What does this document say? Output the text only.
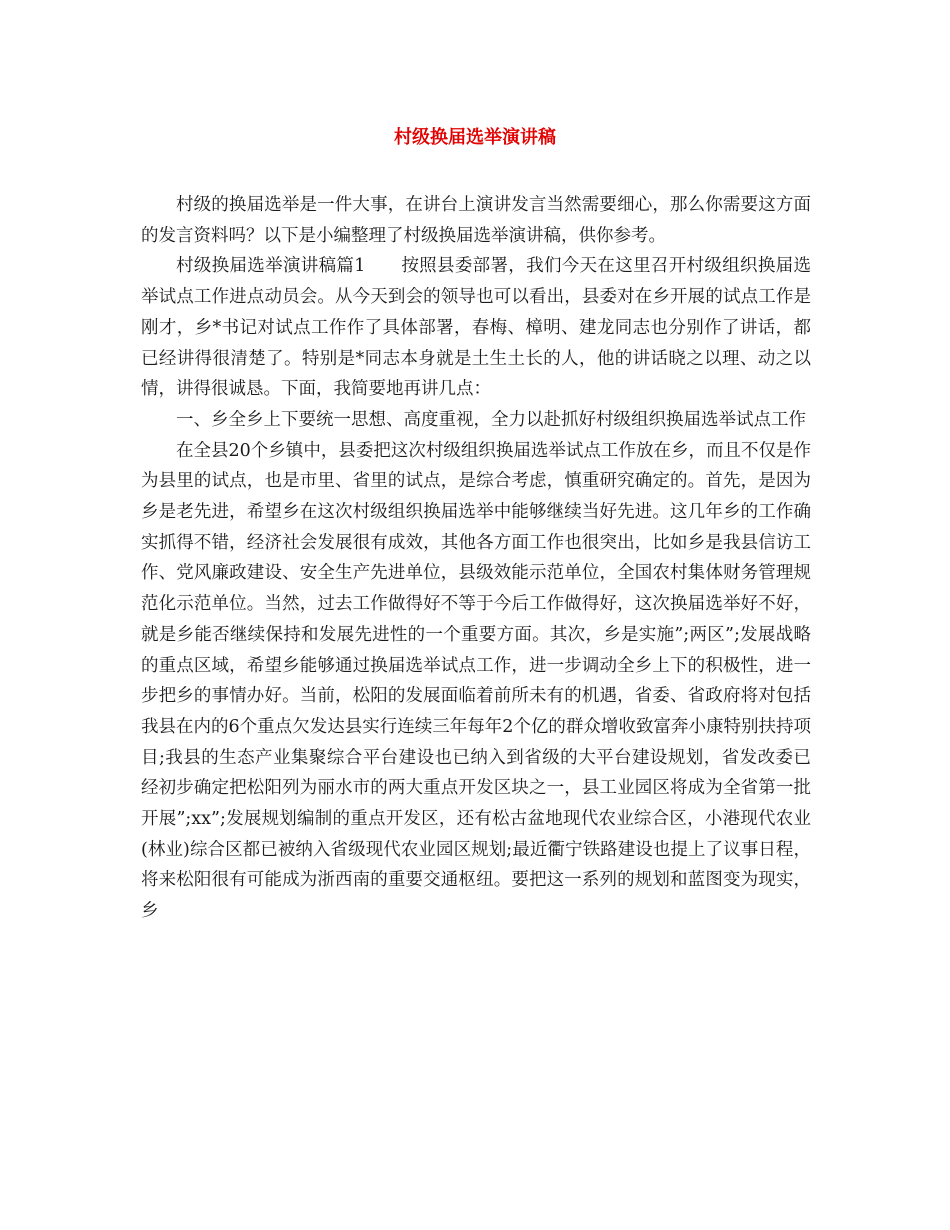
村级换届选举演讲稿

村级的换届选举是一件大事，在讲台上演讲发言当然需要细心，那么你需要这方面的发言资料吗？以下是小编整理了村级换届选举演讲稿，供你参考。

村级换届选举演讲稿篇1　　按照县委部署，我们今天在这里召开村级组织换届选举试点工作进点动员会。从今天到会的领导也可以看出，县委对在乡开展的试点工作是刚才，乡*书记对试点工作作了具体部署，春梅、樟明、建龙同志也分别作了讲话，都已经讲得很清楚了。特别是*同志本身就是土生土长的人，他的讲话晓之以理、动之以情，讲得很诚恳。下面，我简要地再讲几点：

一、乡全乡上下要统一思想、高度重视，全力以赴抓好村级组织换届选举试点工作

在全县20个乡镇中，县委把这次村级组织换届选举试点工作放在乡，而且不仅是作为县里的试点，也是市里、省里的试点，是综合考虑，慎重研究确定的。首先，是因为乡是老先进，希望乡在这次村级组织换届选举中能够继续当好先进。这几年乡的工作确实抓得不错，经济社会发展很有成效，其他各方面工作也很突出，比如乡是我县信访工作、党风廉政建设、安全生产先进单位，县级效能示范单位，全国农村集体财务管理规范化示范单位。当然，过去工作做得好不等于今后工作做得好，这次换届选举好不好，就是乡能否继续保持和发展先进性的一个重要方面。其次，乡是实施”;两区”;发展战略的重点区域，希望乡能够通过换届选举试点工作，进一步调动全乡上下的积极性，进一步把乡的事情办好。当前，松阳的发展面临着前所未有的机遇，省委、省政府将对包括我县在内的6个重点欠发达县实行连续三年每年2个亿的群众增收致富奔小康特别扶持项目;我县的生态产业集聚综合平台建设也已纳入到省级的大平台建设规划，省发改委已经初步确定把松阳列为丽水市的两大重点开发区块之一，县工业园区将成为全省第一批开展”;xx”;发展规划编制的重点开发区，还有松古盆地现代农业综合区，小港现代农业(林业)综合区都已被纳入省级现代农业园区规划;最近衢宁铁路建设也提上了议事日程，将来松阳很有可能成为浙西南的重要交通枢纽。要把这一系列的规划和蓝图变为现实，乡
